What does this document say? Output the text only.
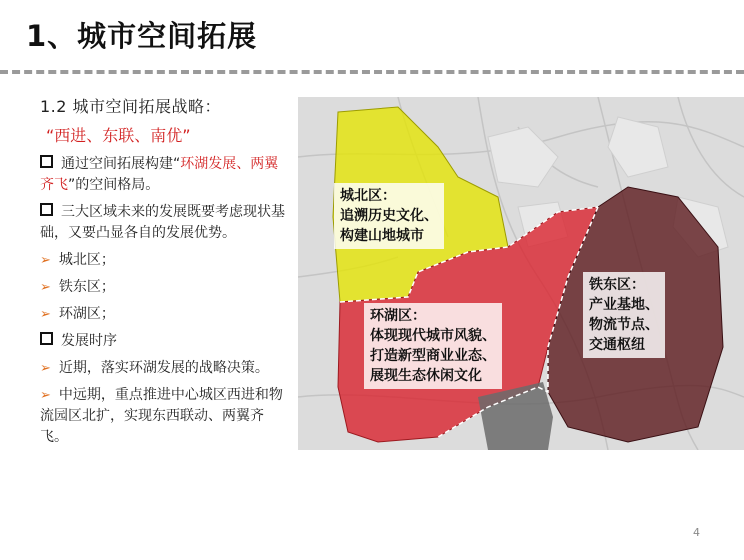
1、城市空间拓展
1.2 城市空间拓展战略：
“西进、东联、南优”
通过空间拓展构建“环湖发展、两翼齐飞”的空间格局。
三大区域未来的发展既要考虑现状基础，又要凸显各自的发展优势。
➢ 城北区；
➢ 铁东区；
➢ 环湖区；
发展时序
➢ 近期，落实环湖发展的战略决策。
➢ 中远期，重点推进中心城区西进和物流园区北扩，实现东西联动、两翼齐飞。
城北区：
追溯历史文化、
构建山地城市
环湖区：
体现现代城市风貌、
打造新型商业业态、
展现生态休闲文化
铁东区：
产业基地、
物流节点、
交通枢纽
4
